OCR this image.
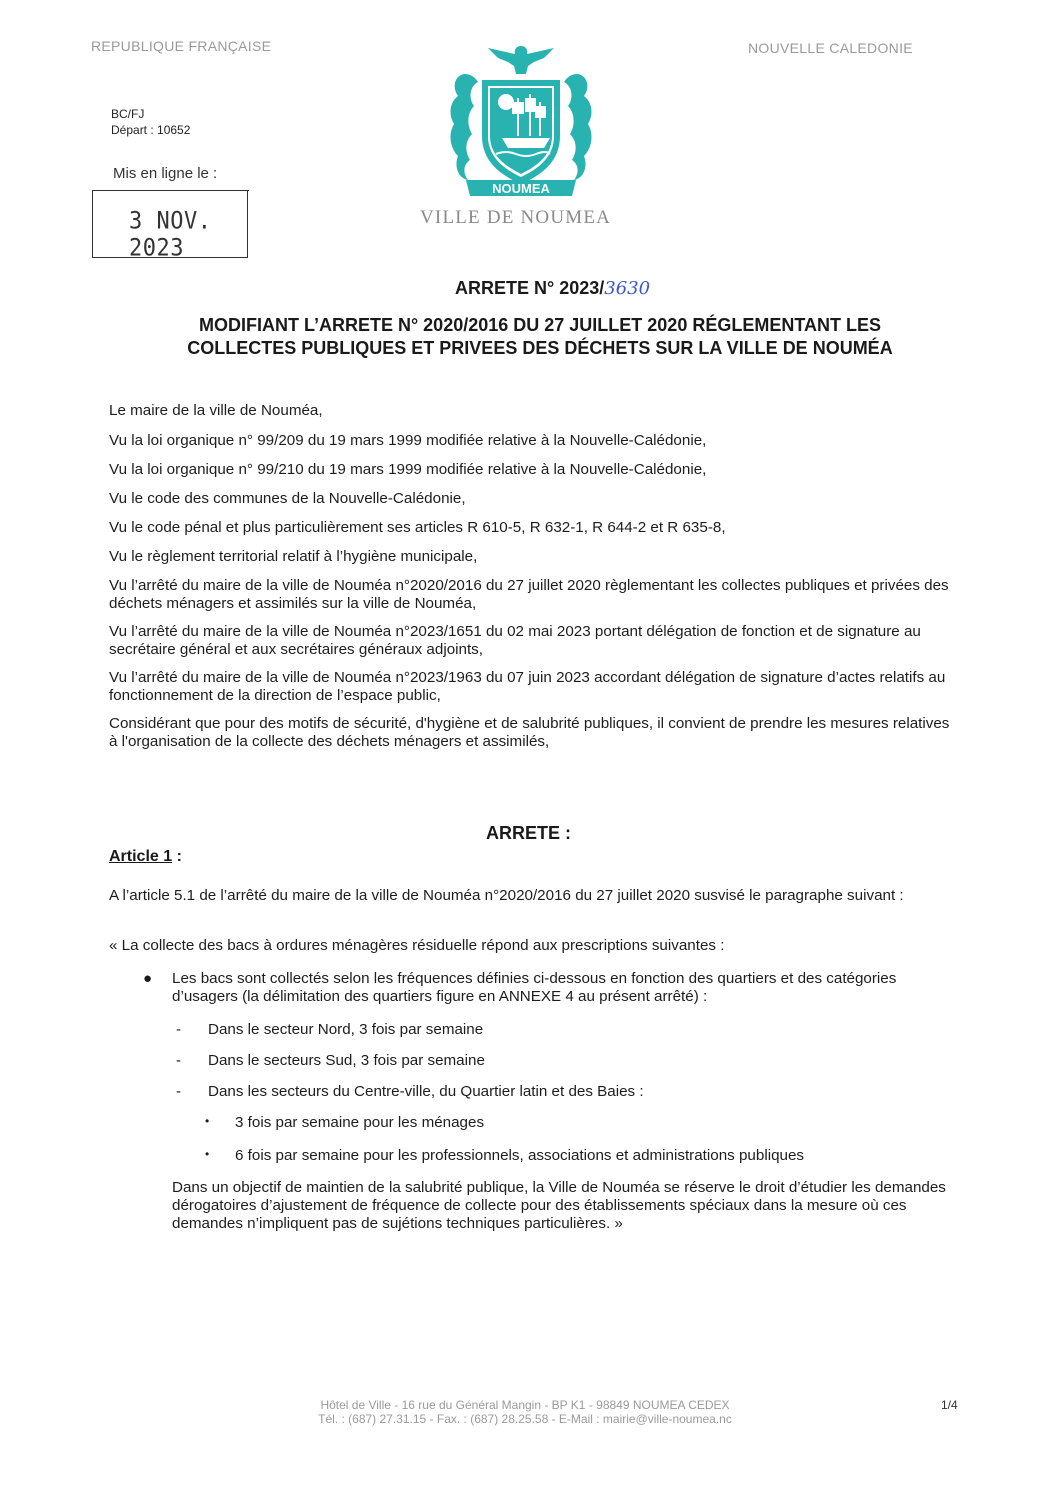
REPUBLIQUE FRANÇAISE	NOUVELLE CALEDONIE
BC/FJ
Départ : 10652
Mis en ligne le :
3 NOV. 2023
NOUMEA
VILLE DE NOUMEA
ARRETE N° 2023/3630
MODIFIANT L’ARRETE N° 2020/2016 DU 27 JUILLET 2020 RÉGLEMENTANT LES
COLLECTES PUBLIQUES ET PRIVEES DES DÉCHETS SUR LA VILLE DE NOUMÉA

Le maire de la ville de Nouméa,

Vu la loi organique n° 99/209 du 19 mars 1999 modifiée relative à la Nouvelle-Calédonie,

Vu la loi organique n° 99/210 du 19 mars 1999 modifiée relative à la Nouvelle-Calédonie,

Vu le code des communes de la Nouvelle-Calédonie,

Vu le code pénal et plus particulièrement ses articles R 610-5, R 632-1, R 644-2 et R 635-8,

Vu le règlement territorial relatif à l’hygiène municipale,

Vu l’arrêté du maire de la ville de Nouméa n°2020/2016 du 27 juillet 2020 règlementant les collectes publiques et privées des déchets ménagers et assimilés sur la ville de Nouméa,

Vu l’arrêté du maire de la ville de Nouméa n°2023/1651 du 02 mai 2023 portant délégation de fonction et de signature au secrétaire général et aux secrétaires généraux adjoints,

Vu l’arrêté du maire de la ville de Nouméa n°2023/1963 du 07 juin 2023 accordant délégation de signature d’actes relatifs au fonctionnement de la direction de l’espace public,

Considérant que pour des motifs de sécurité, d'hygiène et de salubrité publiques, il convient de prendre les mesures relatives à l'organisation de la collecte des déchets ménagers et assimilés,

ARRETE :
Article 1 :
A l’article 5.1 de l’arrêté du maire de la ville de Nouméa n°2020/2016 du 27 juillet 2020 susvisé le paragraphe suivant :
« La collecte des bacs à ordures ménagères résiduelle répond aux prescriptions suivantes :
● Les bacs sont collectés selon les fréquences définies ci-dessous en fonction des quartiers et des catégories d’usagers (la délimitation des quartiers figure en ANNEXE 4 au présent arrêté) :
- Dans le secteur Nord, 3 fois par semaine
- Dans le secteurs Sud, 3 fois par semaine
- Dans les secteurs du Centre-ville, du Quartier latin et des Baies :
• 3 fois par semaine pour les ménages
• 6 fois par semaine pour les professionnels, associations et administrations publiques
Dans un objectif de maintien de la salubrité publique, la Ville de Nouméa se réserve le droit d’étudier les demandes dérogatoires d’ajustement de fréquence de collecte pour des établissements spéciaux dans la mesure où ces demandes n’impliquent pas de sujétions techniques particulières. »
Hôtel de Ville - 16 rue du Général Mangin - BP K1 - 98849 NOUMEA CEDEX
Tél. : (687) 27.31.15 - Fax. : (687) 28.25.58 - E-Mail : mairie@ville-noumea.nc
1/4
